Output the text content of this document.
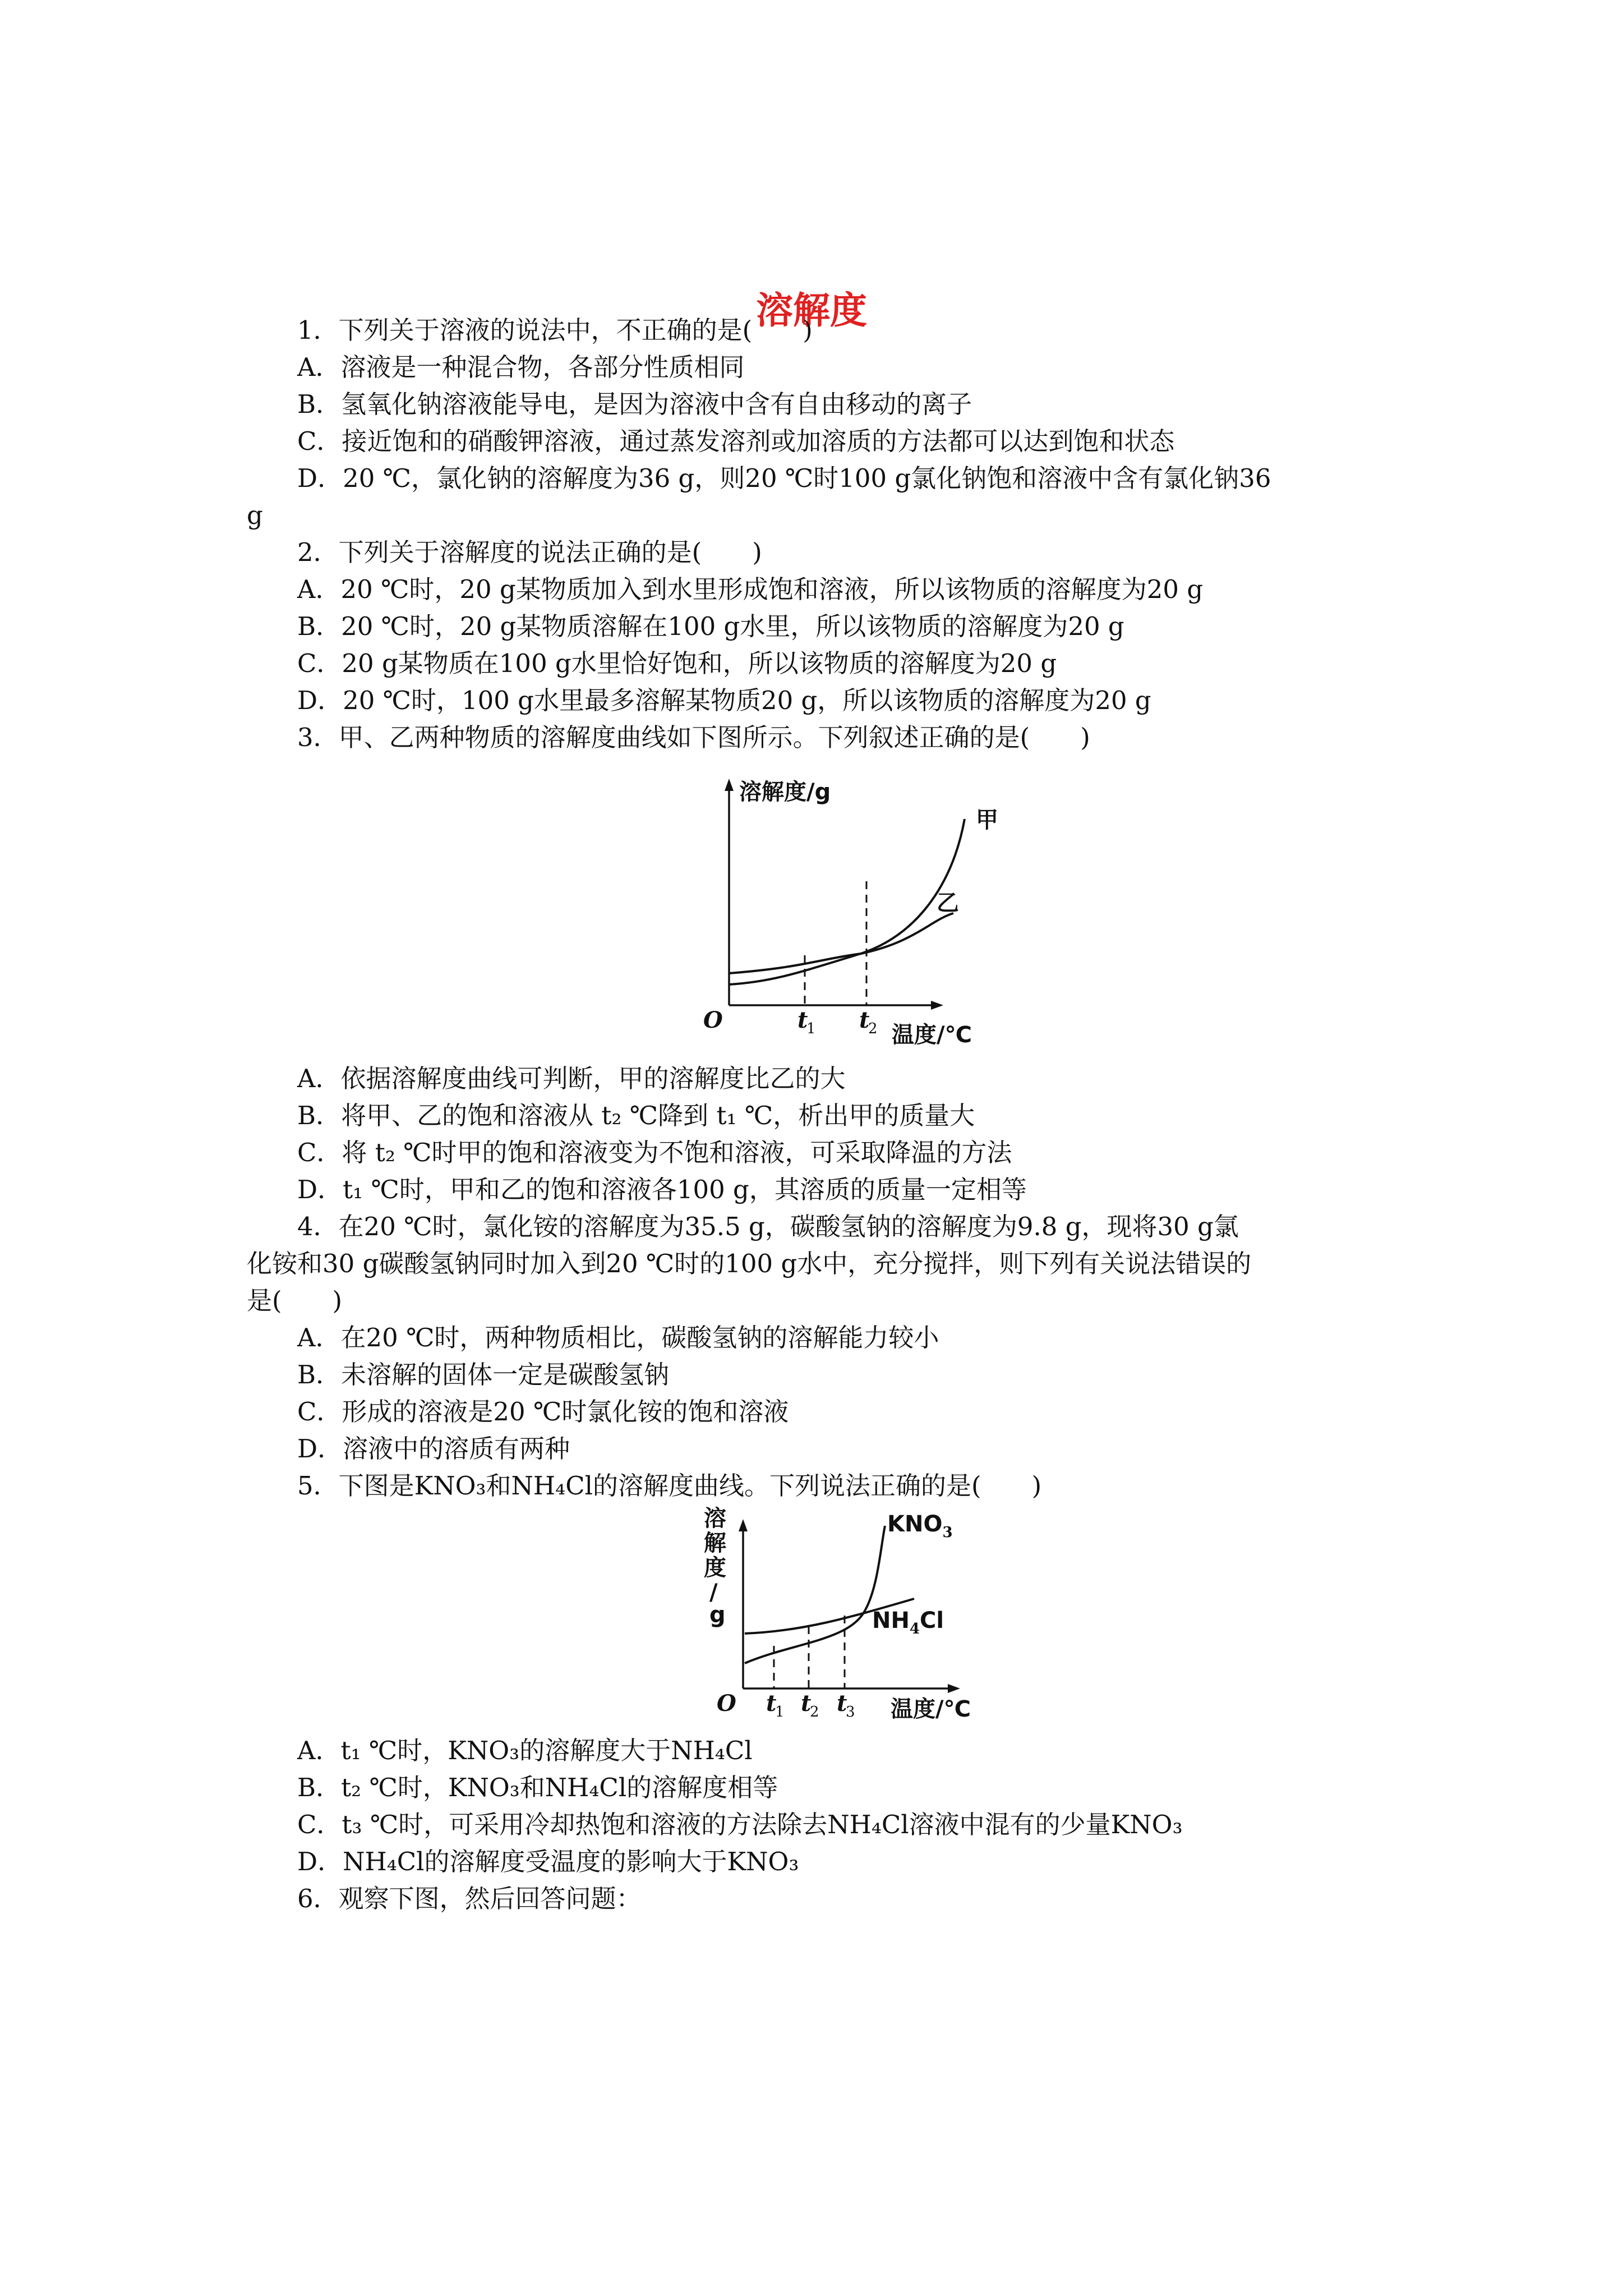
溶解度
1．下列关于溶液的说法中，不正确的是(　　)
A．溶液是一种混合物，各部分性质相同
B．氢氧化钠溶液能导电，是因为溶液中含有自由移动的离子
C．接近饱和的硝酸钾溶液，通过蒸发溶剂或加溶质的方法都可以达到饱和状态
D．20 ℃，氯化钠的溶解度为36 g，则20 ℃时100 g氯化钠饱和溶液中含有氯化钠36
g
2．下列关于溶解度的说法正确的是(　　)
A．20 ℃时，20 g某物质加入到水里形成饱和溶液，所以该物质的溶解度为20 g
B．20 ℃时，20 g某物质溶解在100 g水里，所以该物质的溶解度为20 g
C．20 g某物质在100 g水里恰好饱和，所以该物质的溶解度为20 g
D．20 ℃时，100 g水里最多溶解某物质20 g，所以该物质的溶解度为20 g
3．甲、乙两种物质的溶解度曲线如下图所示。下列叙述正确的是(　　)
溶解度/g
温度/℃
O
甲
乙
t
1 t
2
A．依据溶解度曲线可判断，甲的溶解度比乙的大
B．将甲、乙的饱和溶液从 t₂ ℃降到 t₁ ℃，析出甲的质量大
C．将 t₂ ℃时甲的饱和溶液变为不饱和溶液，可采取降温的方法
D．t₁ ℃时，甲和乙的饱和溶液各100 g，其溶质的质量一定相等
4．在20 ℃时，氯化铵的溶解度为35.5 g，碳酸氢钠的溶解度为9.8 g，现将30 g氯
化铵和30 g碳酸氢钠同时加入到20 ℃时的100 g水中，充分搅拌，则下列有关说法错误的
是(　　)
A．在20 ℃时，两种物质相比，碳酸氢钠的溶解能力较小
B．未溶解的固体一定是碳酸氢钠
C．形成的溶液是20 ℃时氯化铵的饱和溶液
D．溶液中的溶质有两种
5．下图是KNO₃和NH₄Cl的溶解度曲线。下列说法正确的是(　　)
溶
解
度
/
g
$KNO_3$
$NH_4Cl$
O t
1 t
2 t
3 温度/℃
A．t₁ ℃时，KNO₃的溶解度大于NH₄Cl
B．t₂ ℃时，KNO₃和NH₄Cl的溶解度相等
C．t₃ ℃时，可采用冷却热饱和溶液的方法除去NH₄Cl溶液中混有的少量KNO₃
D．NH₄Cl的溶解度受温度的影响大于KNO₃
6．观察下图，然后回答问题：
